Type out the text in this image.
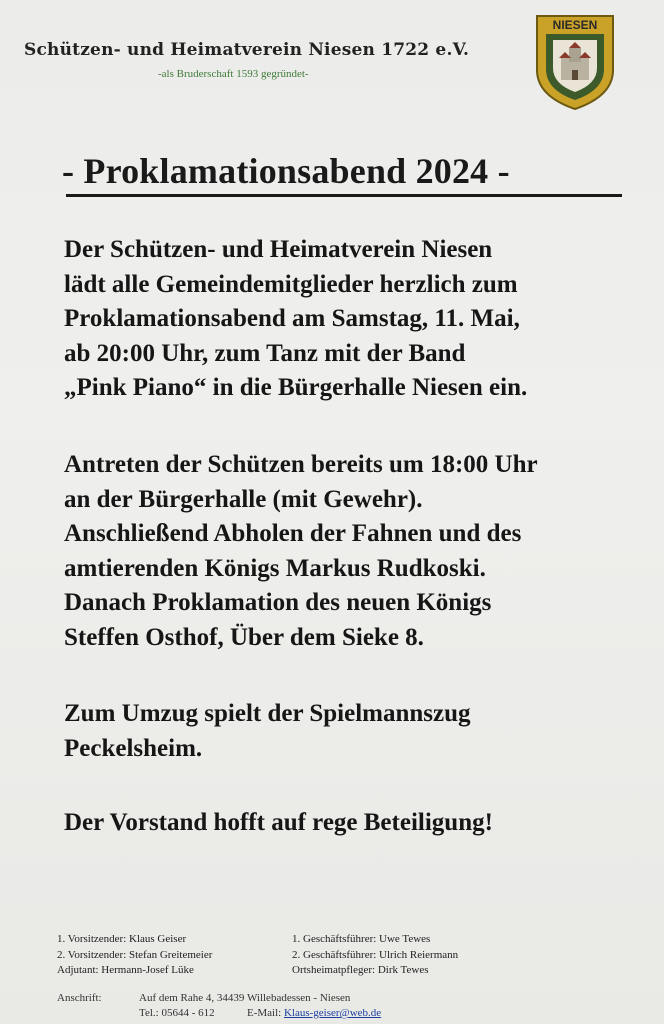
Schützen- und Heimatverein Niesen 1722 e.V.
-als Bruderschaft 1593 gegründet-
NIESEN
- Proklamationsabend 2024 -
Der Schützen- und Heimatverein Niesen
lädt alle Gemeindemitglieder herzlich zum
Proklamationsabend am Samstag, 11. Mai,
ab 20:00 Uhr, zum Tanz mit der Band
„Pink Piano“ in die Bürgerhalle Niesen ein.
Antreten der Schützen bereits um 18:00 Uhr
an der Bürgerhalle (mit Gewehr).
Anschließend Abholen der Fahnen und des
amtierenden Königs Markus Rudkoski.
Danach Proklamation des neuen Königs
Steffen Osthof, Über dem Sieke 8.
Zum Umzug spielt der Spielmannszug
Peckelsheim.
Der Vorstand hofft auf rege Beteiligung!
1. Vorsitzender: Klaus Geiser
2. Vorsitzender: Stefan Greitemeier
Adjutant: Hermann-Josef Lüke
1. Geschäftsführer: Uwe Tewes
2. Geschäftsführer: Ulrich Reiermann
Ortsheimatpfleger: Dirk Tewes
Anschrift:	Auf dem Rahe 4, 34439 Willebadessen - Niesen
Tel.: 05644 - 612	E-Mail: Klaus-geiser@web.de
